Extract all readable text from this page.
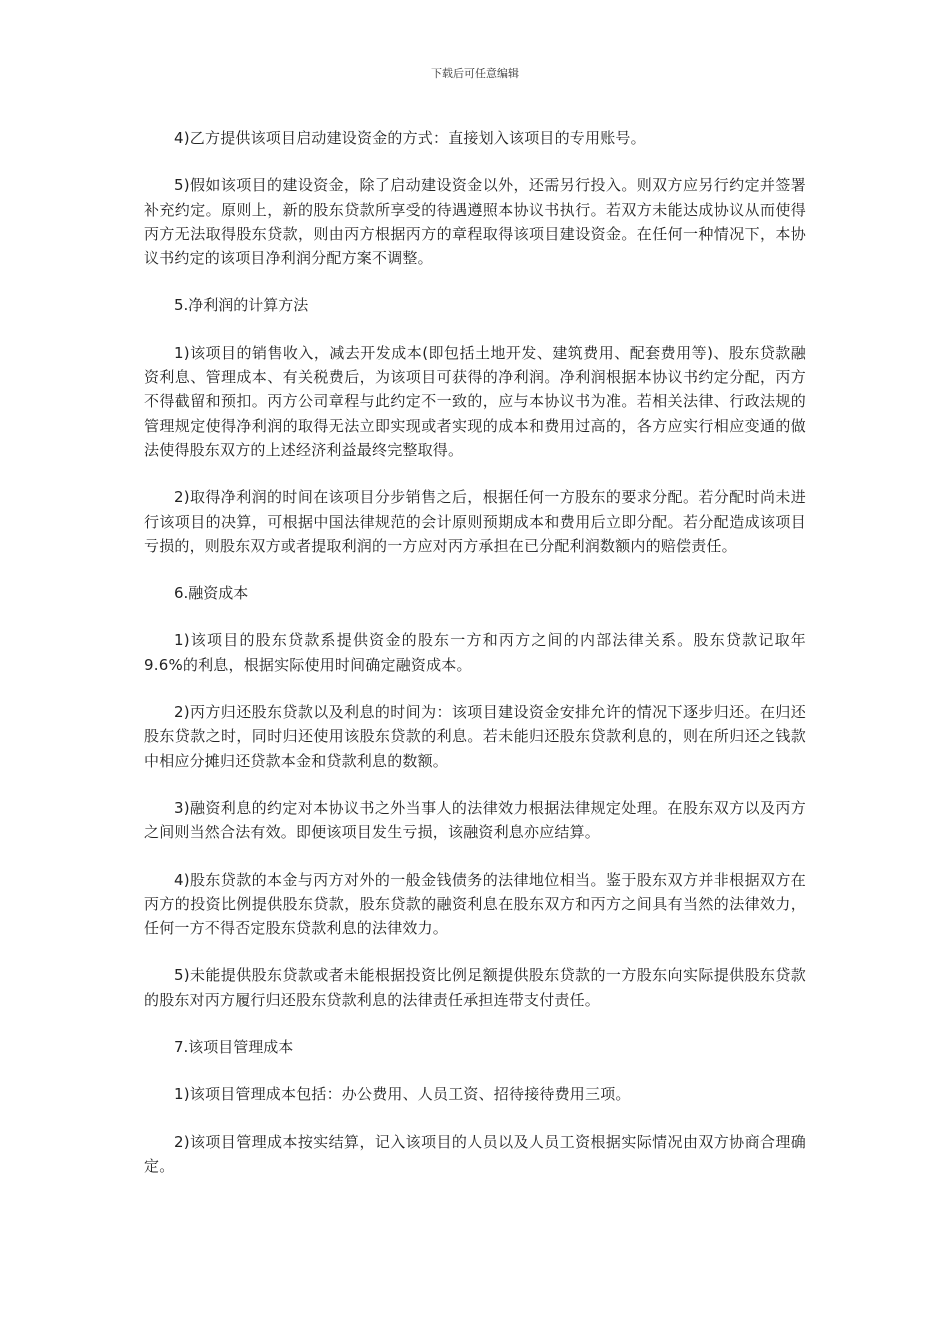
下载后可任意编辑

4)乙方提供该项目启动建设资金的方式：直接划入该项目的专用账号。

5)假如该项目的建设资金，除了启动建设资金以外，还需另行投入。则双方应另行约定并签署补充约定。原则上，新的股东贷款所享受的待遇遵照本协议书执行。若双方未能达成协议从而使得丙方无法取得股东贷款，则由丙方根据丙方的章程取得该项目建设资金。在任何一种情况下，本协议书约定的该项目净利润分配方案不调整。

5.净利润的计算方法

1)该项目的销售收入，减去开发成本(即包括土地开发、建筑费用、配套费用等)、股东贷款融资利息、管理成本、有关税费后，为该项目可获得的净利润。净利润根据本协议书约定分配，丙方不得截留和预扣。丙方公司章程与此约定不一致的，应与本协议书为准。若相关法律、行政法规的管理规定使得净利润的取得无法立即实现或者实现的成本和费用过高的，各方应实行相应变通的做法使得股东双方的上述经济利益最终完整取得。

2)取得净利润的时间在该项目分步销售之后，根据任何一方股东的要求分配。若分配时尚未进行该项目的决算，可根据中国法律规范的会计原则预期成本和费用后立即分配。若分配造成该项目亏损的，则股东双方或者提取利润的一方应对丙方承担在已分配利润数额内的赔偿责任。

6.融资成本

1)该项目的股东贷款系提供资金的股东一方和丙方之间的内部法律关系。股东贷款记取年 9.6%的利息，根据实际使用时间确定融资成本。

2)丙方归还股东贷款以及利息的时间为：该项目建设资金安排允许的情况下逐步归还。在归还股东贷款之时，同时归还使用该股东贷款的利息。若未能归还股东贷款利息的，则在所归还之钱款中相应分摊归还贷款本金和贷款利息的数额。

3)融资利息的约定对本协议书之外当事人的法律效力根据法律规定处理。在股东双方以及丙方之间则当然合法有效。即便该项目发生亏损，该融资利息亦应结算。

4)股东贷款的本金与丙方对外的一般金钱债务的法律地位相当。鉴于股东双方并非根据双方在丙方的投资比例提供股东贷款，股东贷款的融资利息在股东双方和丙方之间具有当然的法律效力，任何一方不得否定股东贷款利息的法律效力。

5)未能提供股东贷款或者未能根据投资比例足额提供股东贷款的一方股东向实际提供股东贷款的股东对丙方履行归还股东贷款利息的法律责任承担连带支付责任。

7.该项目管理成本

1)该项目管理成本包括：办公费用、人员工资、招待接待费用三项。

2)该项目管理成本按实结算，记入该项目的人员以及人员工资根据实际情况由双方协商合理确定。
